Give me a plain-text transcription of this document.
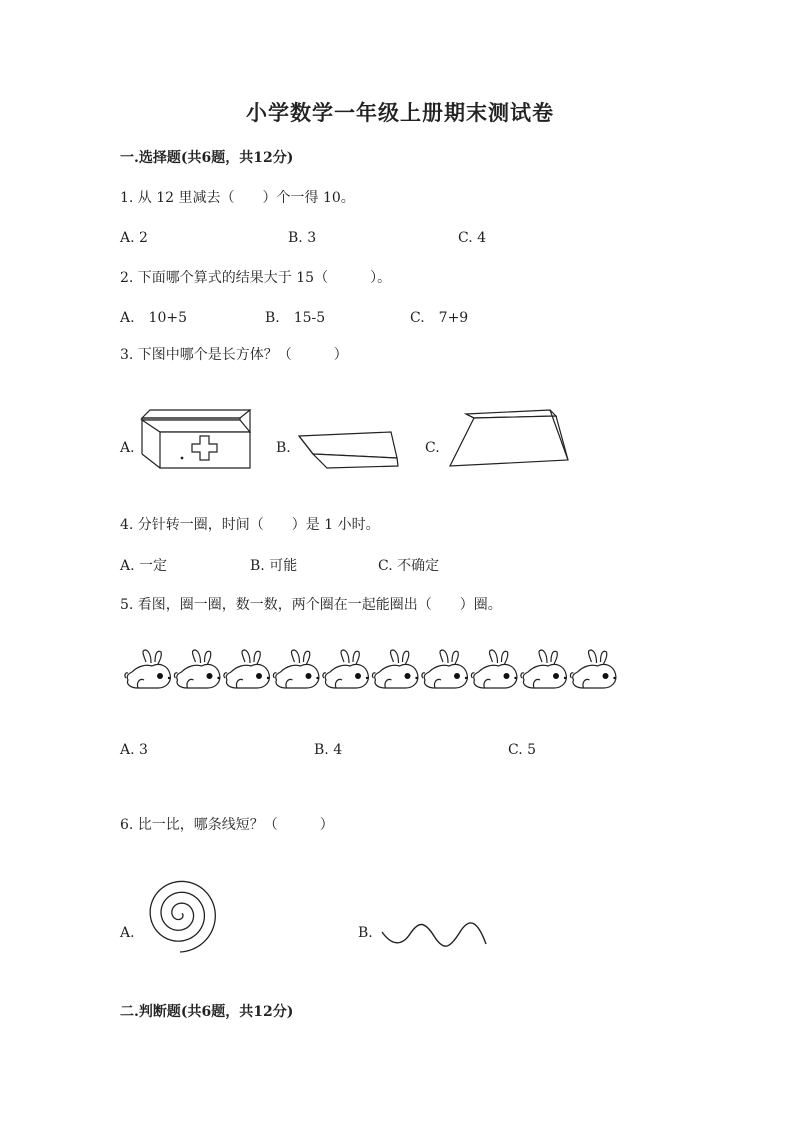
小学数学一年级上册期末测试卷
一.选择题(共6题，共12分)
1. 从 12 里减去（　　）个一得 10。
A. 2	B. 3	C. 4
2. 下面哪个算式的结果大于 15（　　　）。
A.　10+5	B.　15-5	C.　7+9
3. 下图中哪个是长方体？（　　　）
A.	B.	C.
4. 分针转一圈，时间（　　）是 1 小时。
A. 一定	B. 可能	C. 不确定
5. 看图，圈一圈，数一数，两个圈在一起能圈出（　　）圈。
A. 3	B. 4	C. 5
6. 比一比，哪条线短？（　　　）
A.	B.
二.判断题(共6题，共12分)
